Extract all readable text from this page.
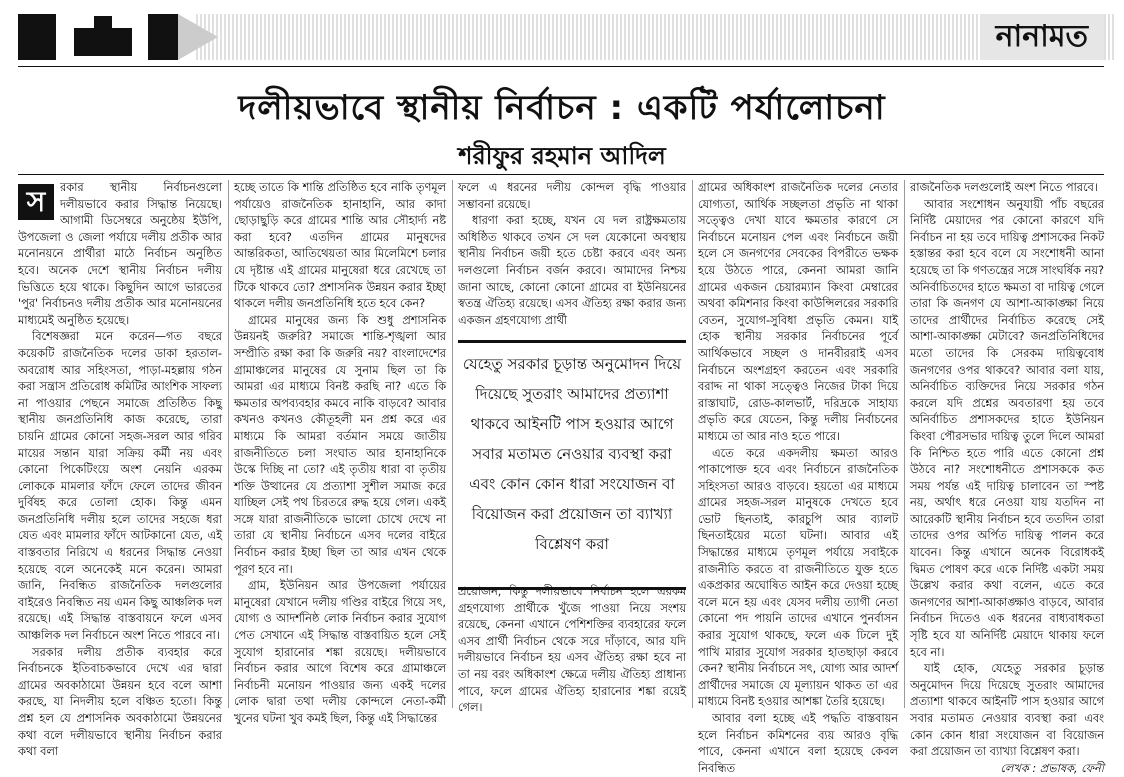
নানামত
দলীয়ভাবে স্থানীয় নির্বাচন : একটি পর্যালোচনা
শরীফুর রহমান আদিল
স	রকার স্থানীয় নির্বাচনগুলো দলীয়ভাবে করার সিদ্ধান্ত নিয়েছে। আগামী ডিসেম্বরে অনুষ্ঠেয় ইউপি, উপজেলা ও জেলা পর্যায়ে দলীয় প্রতীক আর মনোনয়নে প্রার্থীরা মাঠে নির্বাচন অনুষ্ঠিত হবে। অনেক দেশে স্থানীয় নির্বাচন দলীয় ভিত্তিতে হয়ে থাকে। কিছুদিন আগে ভারতের 'পুর' নির্বাচনও দলীয় প্রতীক আর মনোনয়নের মাধ্যমেই অনুষ্ঠিত হয়েছে।

বিশেষজ্ঞরা মনে করেন—গত বছরে কয়েকটি রাজনৈতিক দলের ডাকা হরতাল-অবরোধ আর সহিংসতা, পাড়া-মহল্লায় গঠন করা সন্ত্রাস প্রতিরোধ কমিটির আংশিক সাফল্য না পাওয়ার পেছনে সমাজে প্রতিষ্ঠিত কিছু স্থানীয় জনপ্রতিনিধি কাজ করেছে, তারা চায়নি গ্রামের কোনো সহজ-সরল আর গরিব মায়ের সন্তান যারা সক্রিয় কর্মী নয় এবং কোনো পিকেটিংয়ে অংশ নেয়নি এরকম লোককে মামলার ফাঁদে ফেলে তাদের জীবন দুর্বিষহ করে তোলা হোক। কিন্তু এমন জনপ্রতিনিধি দলীয় হলে তাদের সহজে ধরা যেত এবং মামলার ফাঁদে আটকানো যেত, এই বাস্তবতার নিরিখে এ ধরনের সিদ্ধান্ত নেওয়া হয়েছে বলে অনেকেই মনে করেন। আমরা জানি, নিবন্ধিত রাজনৈতিক দলগুলোর বাইরেও নিবন্ধিত নয় এমন কিছু আঞ্চলিক দল রয়েছে। এই সিদ্ধান্ত বাস্তবায়নে ফলে এসব আঞ্চলিক দল নির্বাচনে অংশ নিতে পারবে না।

সরকার দলীয় প্রতীক ব্যবহার করে নির্বাচনকে ইতিবাচকভাবে দেখে এর দ্বারা গ্রামের অবকাঠামো উন্নয়ন হবে বলে আশা করছে, যা নিদলীয় হলে বঞ্চিত হতো। কিন্তু প্রশ্ন হল যে প্রশাসনিক অবকাঠামো উন্নয়নের কথা বলে দলীয়ভাবে স্থানীয় নির্বাচন করার কথা বলা

হচ্ছে তাতে কি শান্তি প্রতিষ্ঠিত হবে নাকি তৃণমূল পর্যায়েও রাজনৈতিক হানাহানি, আর কাদা ছোড়াছুড়ি করে গ্রামের শান্তি আর সৌহার্দ্য নষ্ট করা হবে? এতদিন গ্রামের মানুষদের আন্তরিকতা, আতিথেয়তা আর মিলেমিশে চলার যে দৃষ্টান্ত এই গ্রামের মানুষেরা ধরে রেখেছে তা টিকে থাকবে তো? প্রশাসনিক উন্নয়ন করার ইচ্ছা থাকলে দলীয় জনপ্রতিনিধি হতে হবে কেন?

গ্রামের মানুষের জন্য কি শুধু প্রশাসনিক উন্নয়নই জরুরি? সমাজে শান্তি-শৃঙ্খলা আর সম্প্রীতি রক্ষা করা কি জরুরি নয়? বাংলাদেশের গ্রামাঞ্চলের মানুষের যে সুনাম ছিল তা কি আমরা এর মাধ্যমে বিনষ্ট করছি না? এতে কি ক্ষমতার অপব্যবহার কমবে নাকি বাড়বে? আবার কখনও কখনও কৌতূহলী মন প্রশ্ন করে এর মাধ্যমে কি আমরা বর্তমান সময়ে জাতীয় রাজনীতিতে চলা সংঘাত আর হানাহানিকে উস্কে দিচ্ছি না তো? এই তৃতীয় ধারা বা তৃতীয় শক্তি উত্থানের যে প্রত্যাশা সুশীল সমাজ করে যাচ্ছিল সেই পথ চিরতরে রুদ্ধ হয়ে গেল। একই সঙ্গে যারা রাজনীতিকে ভালো চোখে দেখে না তারা যে স্থানীয় নির্বাচনে এসব দলের বাইরে নির্বাচন করার ইচ্ছা ছিল তা আর এখন থেকে পূরণ হবে না।

গ্রাম, ইউনিয়ন আর উপজেলা পর্যায়ের মানুষেরা যেখানে দলীয় গণ্ডির বাইরে গিয়ে সৎ, যোগ্য ও আদর্শনিষ্ঠ লোক নির্বাচন করার সুযোগ পেত সেখানে এই সিদ্ধান্ত বাস্তবায়িত হলে সেই সুযোগ হারানোর শঙ্কা রয়েছে। দলীয়ভাবে নির্বাচন করার আগে বিশেষ করে গ্রামাঞ্চলে নির্বাচনী মনোয়ন পাওয়ার জন্য একই দলের লোক দ্বারা তথা দলীয় কোন্দলে নেতা-কর্মী খুনের ঘটনা খুব কমই ছিল, কিন্তু এই সিদ্ধান্তের

ফলে এ ধরনের দলীয় কোন্দল বৃদ্ধি পাওয়ার সম্ভাবনা রয়েছে।

ধারণা করা হচ্ছে, যখন যে দল রাষ্ট্রক্ষমতায় অধিষ্ঠিত থাকবে তখন সে দল যেকোনো অবস্থায় স্থানীয় নির্বাচন জয়ী হতে চেষ্টা করবে এবং অন্য দলগুলো নির্বাচন বর্জন করবে। আমাদের নিশ্চয় জানা আছে, কোনো কোনো গ্রামের বা ইউনিয়নের স্বতন্ত্র ঐতিহ্য রয়েছে। এসব ঐতিহ্য রক্ষা করার জন্য একজন গ্রহণযোগ্য প্রার্থী

যেহেতু সরকার চূড়ান্ত অনুমোদন দিয়ে দিয়েছে সুতরাং আমাদের প্রত্যাশা থাকবে আইনটি পাস হওয়ার আগে সবার মতামত নেওয়ার ব্যবস্থা করা এবং কোন কোন ধারা সংযোজন বা বিয়োজন করা প্রয়োজন তা ব্যাখ্যা বিশ্লেষণ করা

প্রয়োজন, কিন্তু দলীয়ভাবে নির্বাচন হলে এরকম গ্রহণযোগ্য প্রার্থীকে খুঁজে পাওয়া নিয়ে সংশয় রয়েছে, কেননা এখানে পেশিশক্তির ব্যবহারের ফলে এসব প্রার্থী নির্বাচন থেকে সরে দাঁড়াবে, আর যদি দলীয়ভাবে নির্বাচন হয় এসব ঐতিহ্য রক্ষা হবে না তা নয় বরং অধিকাংশ ক্ষেত্রে দলীয় ঐতিহ্য প্রাধান্য পাবে, ফলে গ্রামের ঐতিহ্য হারানোর শঙ্কা রয়েই গেল।

গ্রামের অধিকাংশ রাজনৈতিক দলের নেতার যোগ্যতা, আর্থিক সচ্ছলতা প্রভৃতি না থাকা সত্ত্বেও দেখা যাবে ক্ষমতার কারণে সে নির্বাচনে মনোয়ন পেল এবং নির্বাচনে জয়ী হলে সে জনগণের সেবকের বিপরীতে ভক্ষক হয়ে উঠতে পারে, কেননা আমরা জানি গ্রামের একজন চেয়ারম্যান কিংবা মেম্বারের অথবা কমিশনার কিংবা কাউন্সিলরের সরকারি বেতন, সুযোগ-সুবিধা প্রভৃতি কেমন। যাই হোক স্থানীয় সরকার নির্বাচনের পূর্বে আর্থিকভাবে সচ্ছল ও দানবীররাই এসব নির্বাচনে অংশগ্রহণ করতেন এবং সরকারি বরাদ্দ না থাকা সত্ত্বেও নিজের টাকা দিয়ে রাস্তাঘাট, রোড-কালভার্ট, দরিদ্রকে সাহায্য প্রভৃতি করে যেতেন, কিন্তু দলীয় নির্বাচনের মাধ্যমে তা আর নাও হতে পারে।

এতে করে একদলীয় ক্ষমতা আরও পাকাপোক্ত হবে এবং নির্বাচনে রাজনৈতিক সহিংসতা আরও বাড়বে। হয়তো এর মাধ্যমে গ্রামের সহজ-সরল মানুষকে দেখতে হবে ভোট ছিনতাই, কারচুপি আর ব্যালট ছিনতাইয়ের মতো ঘটনা। আবার এই সিদ্ধান্তের মাধ্যমে তৃণমূল পর্যায়ে সবাইকে রাজনীতি করতে বা রাজনীতিতে যুক্ত হতে একপ্রকার অঘোষিত আইন করে দেওয়া হচ্ছে বলে মনে হয় এবং যেসব দলীয় ত্যাগী নেতা কোনো পদ পায়নি তাদের এখানে পুনর্বাসন করার সুযোগ থাকছে, ফলে এক ঢিলে দুই পাখি মারার সুযোগ সরকার হাতছাড়া করবে কেন? স্থানীয় নির্বাচনে সৎ, যোগ্য আর আদর্শ প্রার্থীদের সমাজে যে মূল্যায়ন থাকত তা এর মাধ্যমে বিনষ্ট হওয়ার আশঙ্কা তৈরি হয়েছে।

আবার বলা হচ্ছে এই পদ্ধতি বাস্তবায়ন হলে নির্বাচন কমিশনের ব্যয় আরও বৃদ্ধি পাবে, কেননা এখানে বলা হয়েছে কেবল নিবন্ধিত

রাজনৈতিক দলগুলোই অংশ নিতে পারবে।

আবার সংশোধন অনুযায়ী পাঁচ বছরের নির্দিষ্ট মেয়াদের পর কোনো কারণে যদি নির্বাচন না হয় তবে দায়িত্ব প্রশাসকের নিকট হস্তান্তর করা হবে বলে যে সংশোধনী আনা হয়েছে তা কি গণতন্ত্রের সঙ্গে সাংঘর্ষিক নয়? অনির্বাচিতদের হাতে ক্ষমতা বা দায়িত্ব গেলে তারা কি জনগণ যে আশা-আকাঙ্ক্ষা নিয়ে তাদের প্রার্থীদের নির্বাচিত করেছে সেই আশা-আকাঙ্ক্ষা মেটাবে? জনপ্রতিনিধিদের মতো তাদের কি সেরকম দায়িত্ববোধ জনগণের ওপর থাকবে? আবার বলা যায়, অনির্বাচিত ব্যক্তিদের নিয়ে সরকার গঠন করলে যদি প্রশ্নের অবতারণা হয় তবে অনির্বাচিত প্রশাসকদের হাতে ইউনিয়ন কিংবা পৌরসভার দায়িত্ব তুলে দিলে আমরা কি নিশ্চিত হতে পারি এতে কোনো প্রশ্ন উঠবে না? সংশোধনীতে প্রশাসককে কত সময় পর্যন্ত এই দায়িত্ব চালাবেন তা স্পষ্ট নয়, অর্থাৎ ধরে নেওয়া যায় যতদিন না আরেকটি স্থানীয় নির্বাচন হবে ততদিন তারা তাদের ওপর অর্পিত দায়িত্ব পালন করে যাবেন। কিন্তু এখানে অনেক বিরোধকই দ্বিমত পোষণ করে একে নির্দিষ্ট একটা সময় উল্লেখ করার কথা বলেন, এতে করে জনগণের আশা-আকাঙ্ক্ষাও বাড়বে, আবার নির্বাচন দিতেও এক ধরনের বাধ্যবাধকতা সৃষ্টি হবে যা অনির্দিষ্ট মেয়াদে থাকায় ফলে হবে না।

যাই হোক, যেহেতু সরকার চূড়ান্ত অনুমোদন দিয়ে দিয়েছে সুতরাং আমাদের প্রত্যাশা থাকবে আইনটি পাস হওয়ার আগে সবার মতামত নেওয়ার ব্যবস্থা করা এবং কোন কোন ধারা সংযোজন বা বিয়োজন করা প্রয়োজন তা ব্যাখ্যা বিশ্লেষণ করা।

লেখক : প্রভাষক, ফেনী
